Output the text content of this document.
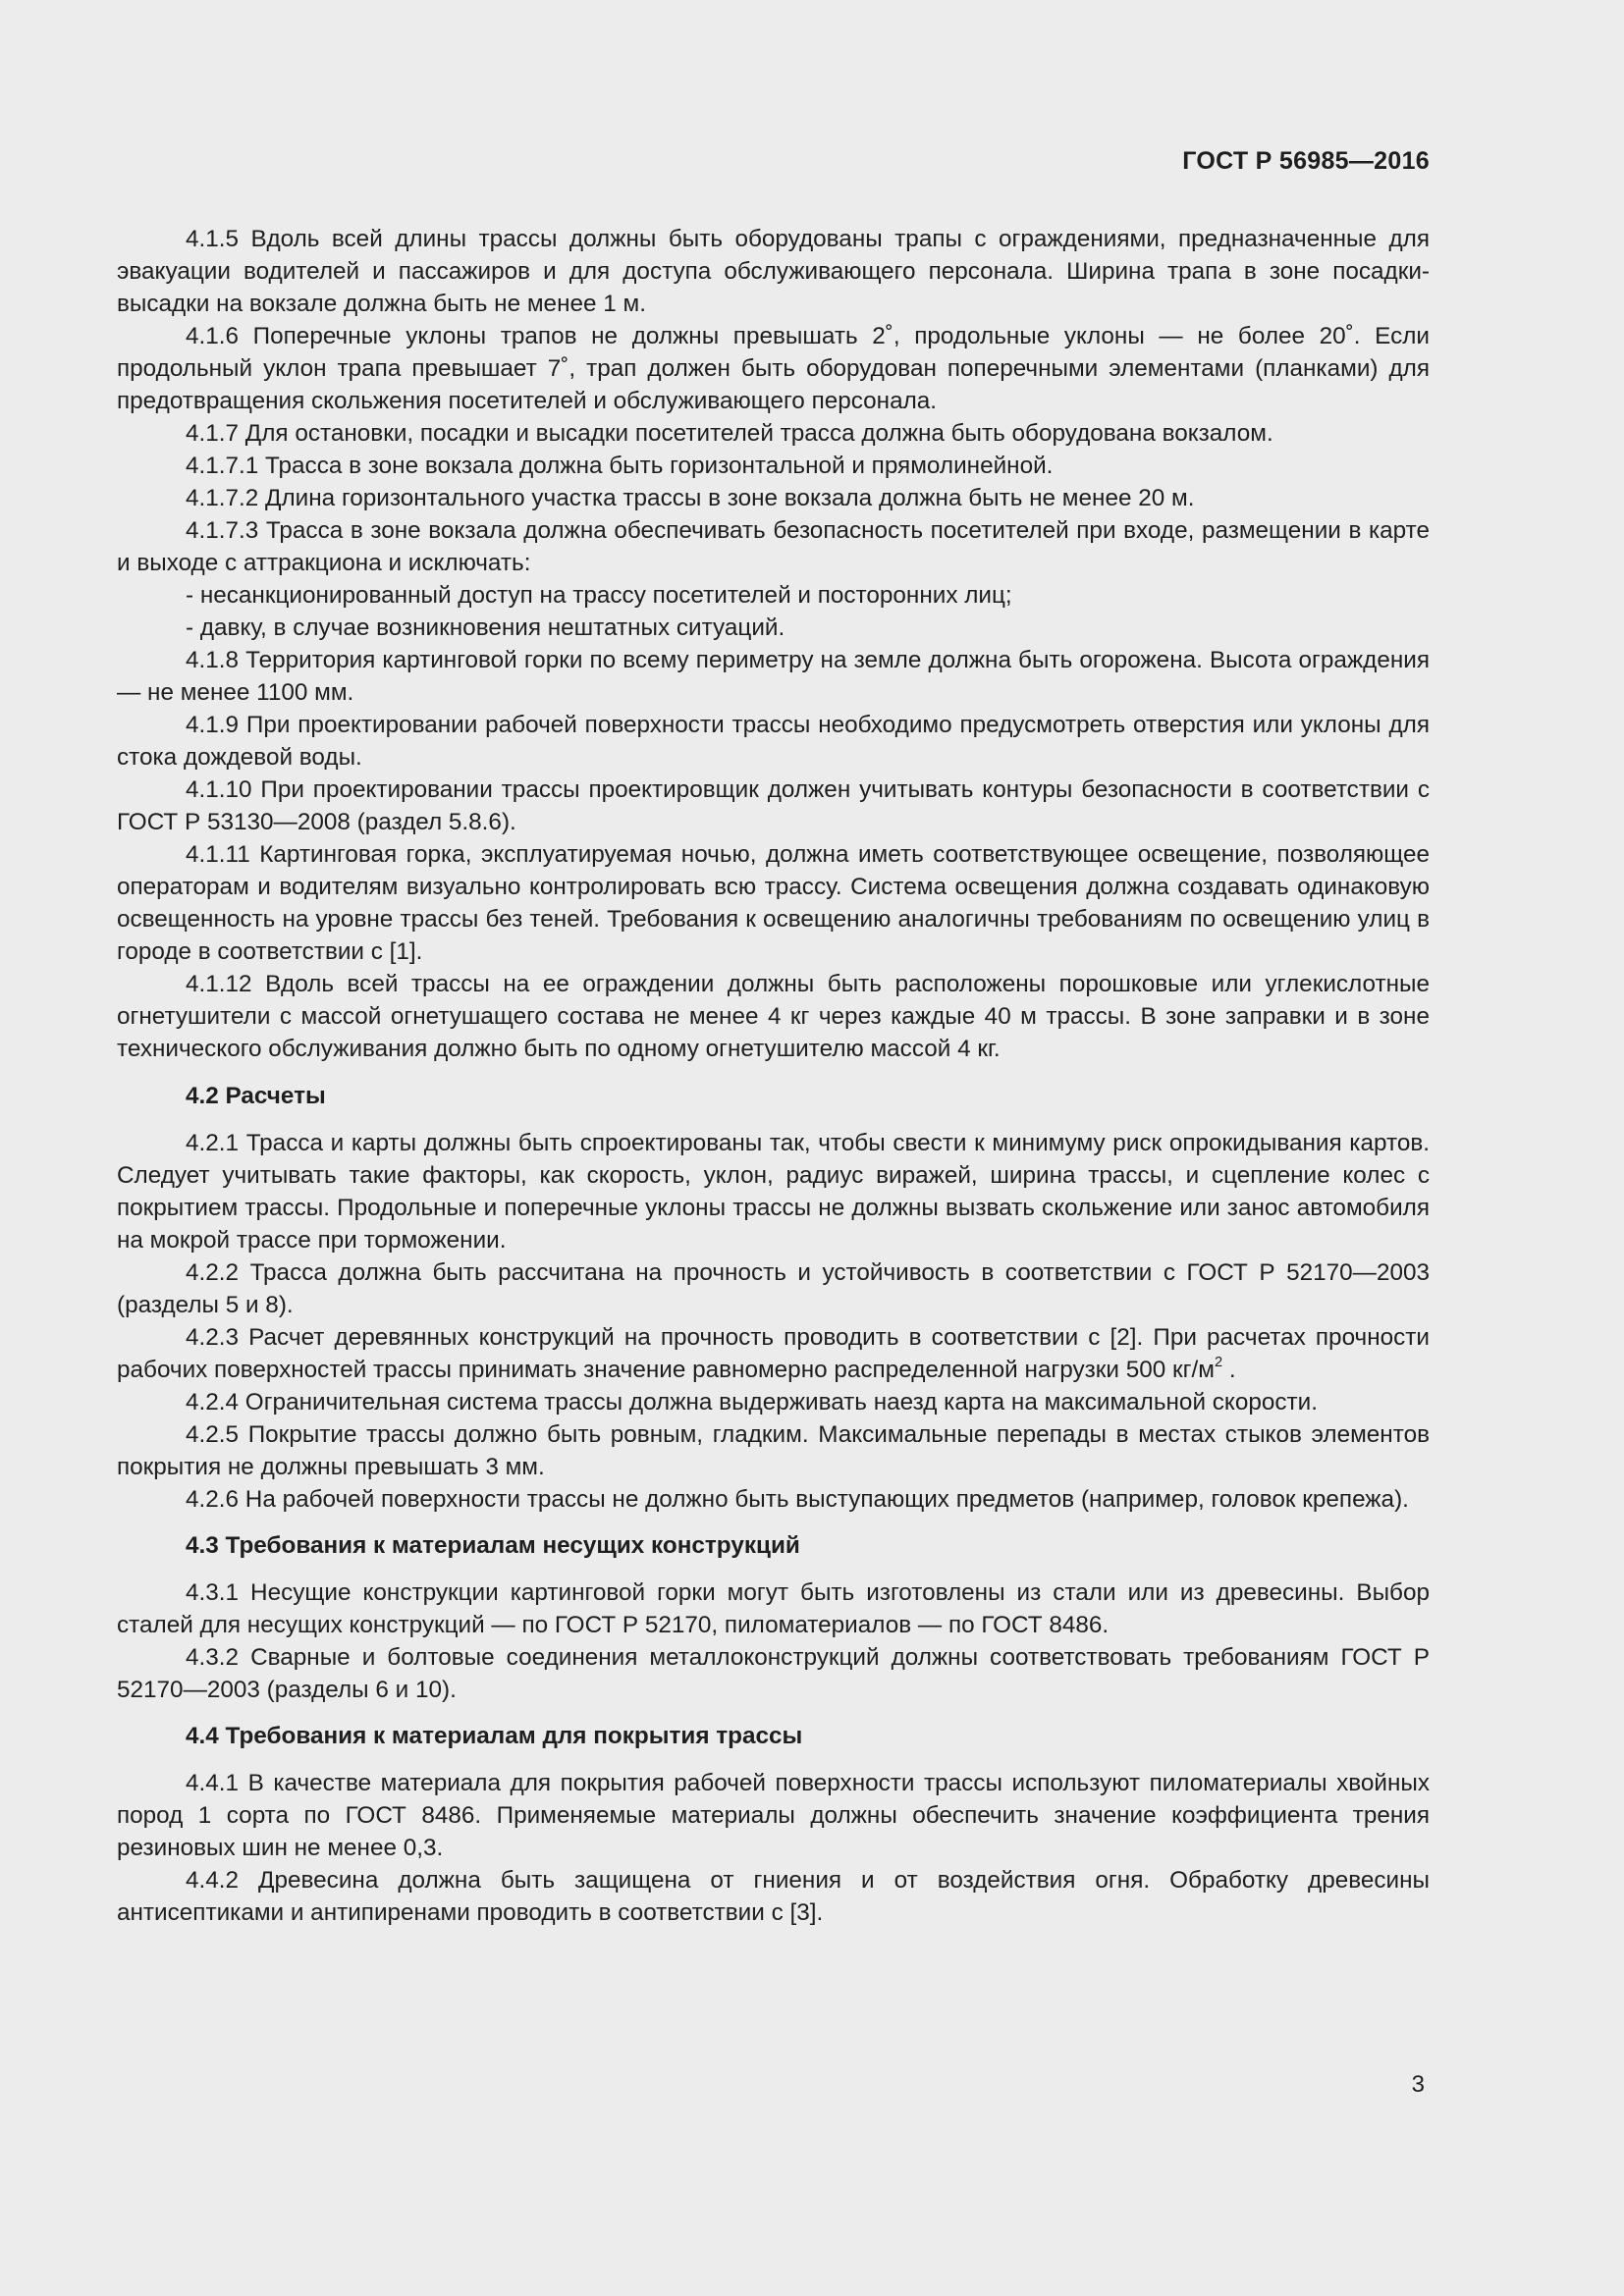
ГОСТ Р 56985—2016

4.1.5 Вдоль всей длины трассы должны быть оборудованы трапы с ограждениями, предназначенные для эвакуации водителей и пассажиров и для доступа обслуживающего персонала. Ширина трапа в зоне посадки-высадки на вокзале должна быть не менее 1 м.

4.1.6 Поперечные уклоны трапов не должны превышать 2˚, продольные уклоны — не более 20˚. Если продольный уклон трапа превышает 7˚, трап должен быть оборудован поперечными элементами (планками) для предотвращения скольжения посетителей и обслуживающего персонала.

4.1.7 Для остановки, посадки и высадки посетителей трасса должна быть оборудована вокзалом.

4.1.7.1 Трасса в зоне вокзала должна быть горизонтальной и прямолинейной.

4.1.7.2 Длина горизонтального участка трассы в зоне вокзала должна быть не менее 20 м.

4.1.7.3 Трасса в зоне вокзала должна обеспечивать безопасность посетителей при входе, размещении в карте и выходе с аттракциона и исключать:

- несанкционированный доступ на трассу посетителей и посторонних лиц;

- давку, в случае возникновения нештатных ситуаций.

4.1.8 Территория картинговой горки по всему периметру на земле должна быть огорожена. Высота ограждения — не менее 1100 мм.

4.1.9 При проектировании рабочей поверхности трассы необходимо предусмотреть отверстия или уклоны для стока дождевой воды.

4.1.10 При проектировании трассы проектировщик должен учитывать контуры безопасности в соответствии с ГОСТ Р 53130—2008 (раздел 5.8.6).

4.1.11 Картинговая горка, эксплуатируемая ночью, должна иметь соответствующее освещение, позволяющее операторам и водителям визуально контролировать всю трассу. Система освещения должна создавать одинаковую освещенность на уровне трассы без теней. Требования к освещению аналогичны требованиям по освещению улиц в городе в соответствии с [1].

4.1.12 Вдоль всей трассы на ее ограждении должны быть расположены порошковые или углекислотные огнетушители с массой огнетушащего состава не менее 4 кг через каждые 40 м трассы. В зоне заправки и в зоне технического обслуживания должно быть по одному огнетушителю массой 4 кг.

4.2 Расчеты

4.2.1 Трасса и карты должны быть спроектированы так, чтобы свести к минимуму риск опрокидывания картов. Следует учитывать такие факторы, как скорость, уклон, радиус виражей, ширина трассы, и сцепление колес с покрытием трассы. Продольные и поперечные уклоны трассы не должны вызвать скольжение или занос автомобиля на мокрой трассе при торможении.

4.2.2 Трасса должна быть рассчитана на прочность и устойчивость в соответствии с ГОСТ Р 52170—2003 (разделы 5 и 8).

4.2.3 Расчет деревянных конструкций на прочность проводить в соответствии с [2]. При расчетах прочности рабочих поверхностей трассы принимать значение равномерно распределенной нагрузки 500 $кг/м^2$ .

4.2.4 Ограничительная система трассы должна выдерживать наезд карта на максимальной скорости.

4.2.5 Покрытие трассы должно быть ровным, гладким. Максимальные перепады в местах стыков элементов покрытия не должны превышать 3 мм.

4.2.6 На рабочей поверхности трассы не должно быть выступающих предметов (например, головок крепежа).

4.3 Требования к материалам несущих конструкций

4.3.1 Несущие конструкции картинговой горки могут быть изготовлены из стали или из древесины. Выбор сталей для несущих конструкций — по ГОСТ Р 52170, пиломатериалов — по ГОСТ 8486.

4.3.2 Сварные и болтовые соединения металлоконструкций должны соответствовать требованиям ГОСТ Р 52170—2003 (разделы 6 и 10).

4.4 Требования к материалам для покрытия трассы

4.4.1 В качестве материала для покрытия рабочей поверхности трассы используют пиломатериалы хвойных пород 1 сорта по ГОСТ 8486. Применяемые материалы должны обеспечить значение коэффициента трения резиновых шин не менее 0,3.

4.4.2 Древесина должна быть защищена от гниения и от воздействия огня. Обработку древесины антисептиками и антипиренами проводить в соответствии с [3].

3
